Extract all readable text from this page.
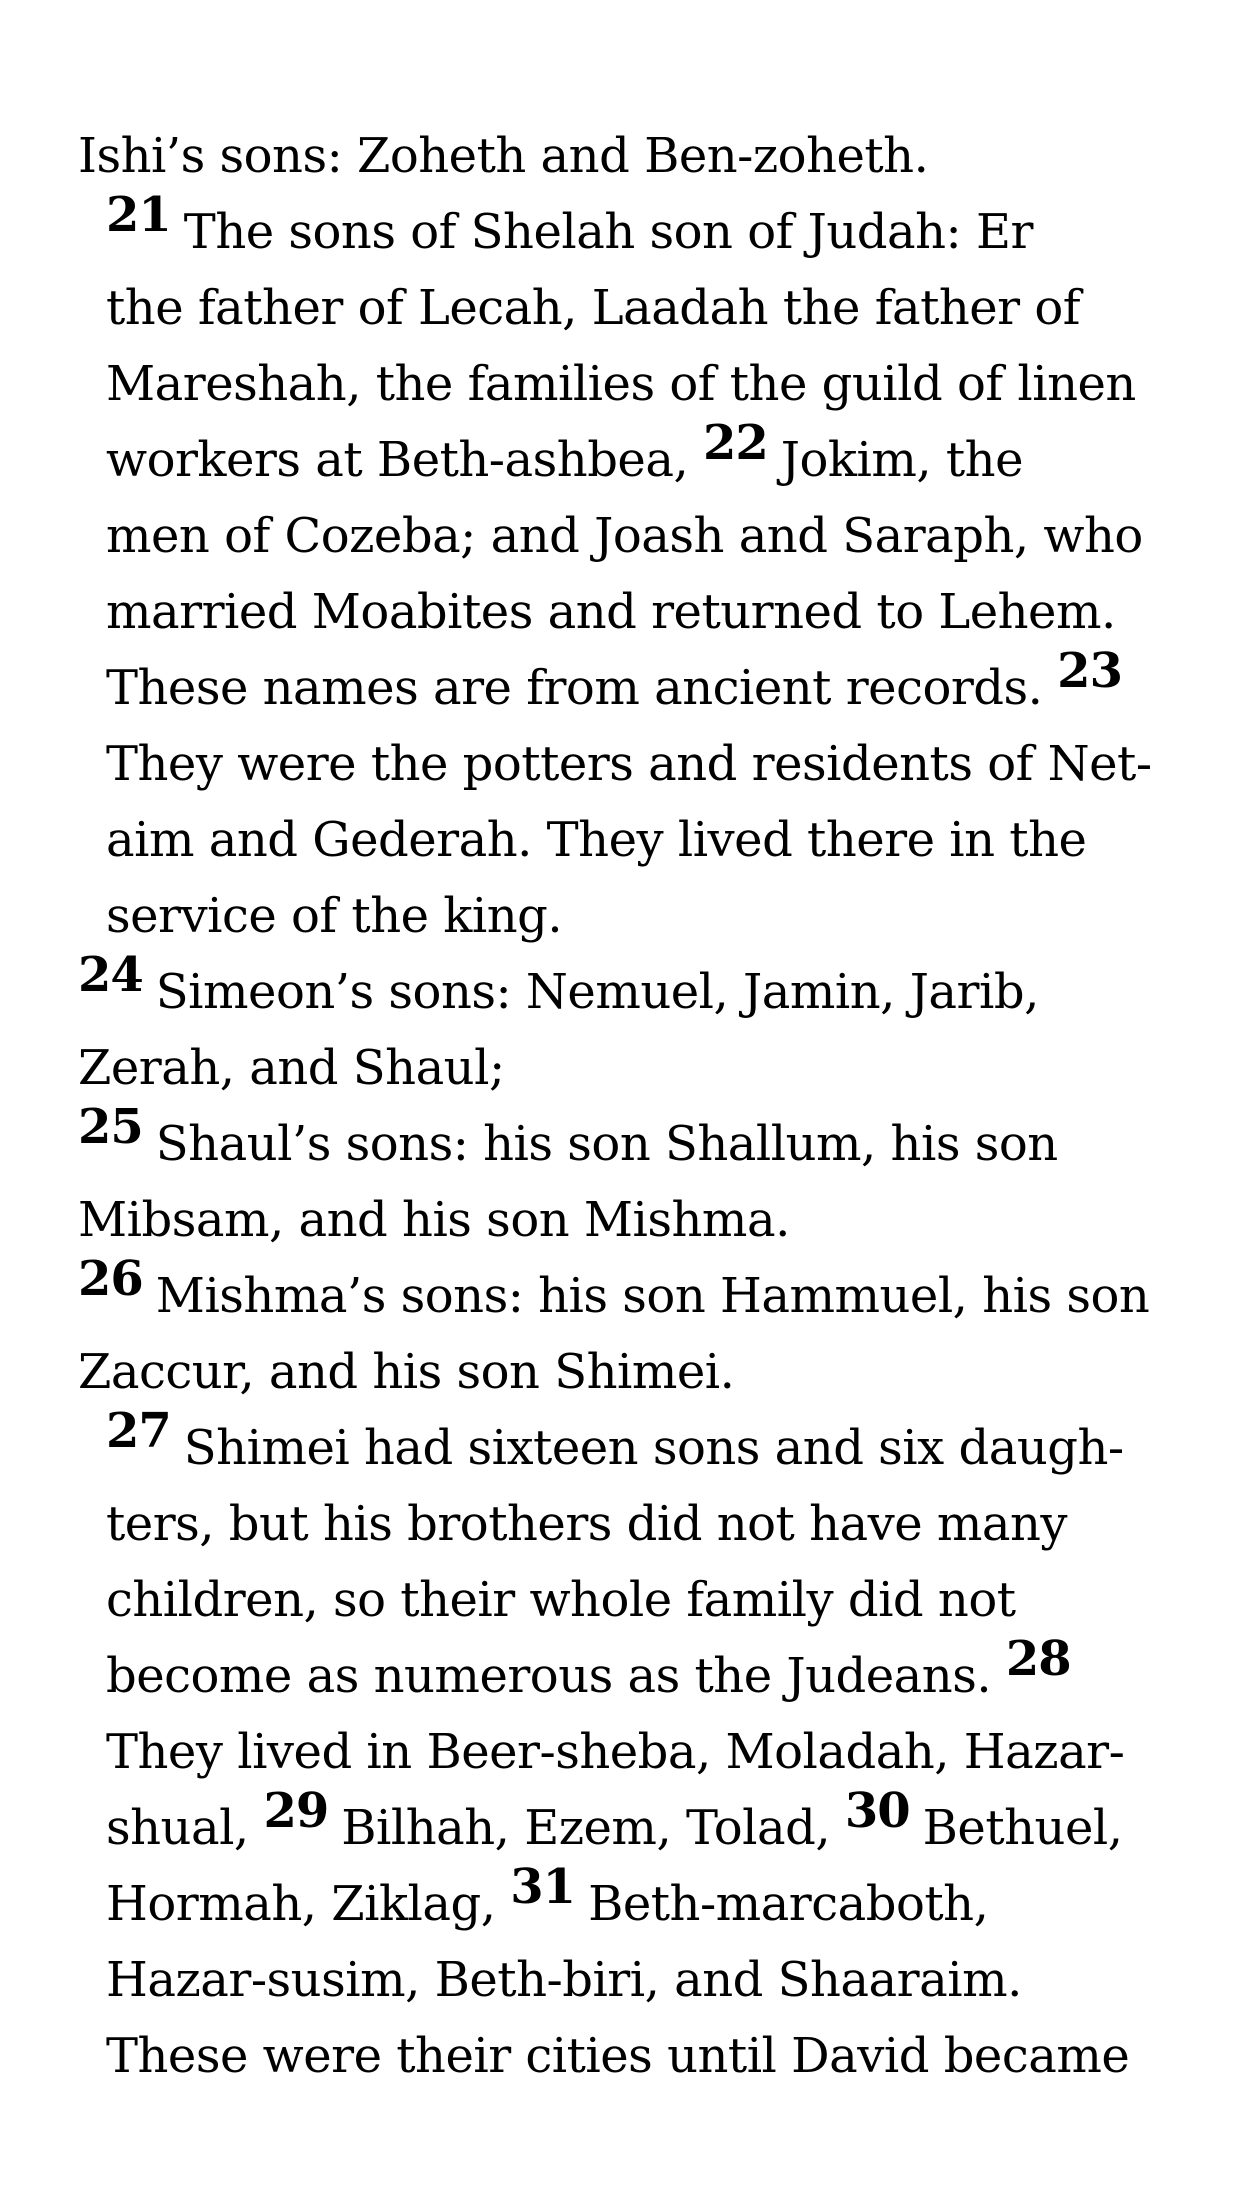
Ishi’s sons: Zoheth and Ben-zoheth.
21 The sons of Shelah son of Judah: Er
the father of Lecah, Laadah the father of
Mareshah, the families of the guild of linen
workers at Beth-ashbea, 22 Jokim, the
men of Cozeba; and Joash and Saraph, who
married Moabites and returned to Lehem.
These names are from ancient records. 23
They were the potters and residents of Net-
aim and Gederah. They lived there in the
service of the king.
24 Simeon’s sons: Nemuel, Jamin, Jarib,
Zerah, and Shaul;
25 Shaul’s sons: his son Shallum, his son
Mibsam, and his son Mishma.
26 Mishma’s sons: his son Hammuel, his son
Zaccur, and his son Shimei.
27 Shimei had sixteen sons and six daugh-
ters, but his brothers did not have many
children, so their whole family did not
become as numerous as the Judeans. 28
They lived in Beer-sheba, Moladah, Hazar-
shual, 29 Bilhah, Ezem, Tolad, 30 Bethuel,
Hormah, Ziklag, 31 Beth-marcaboth,
Hazar-susim, Beth-biri, and Shaaraim.
These were their cities until David became
